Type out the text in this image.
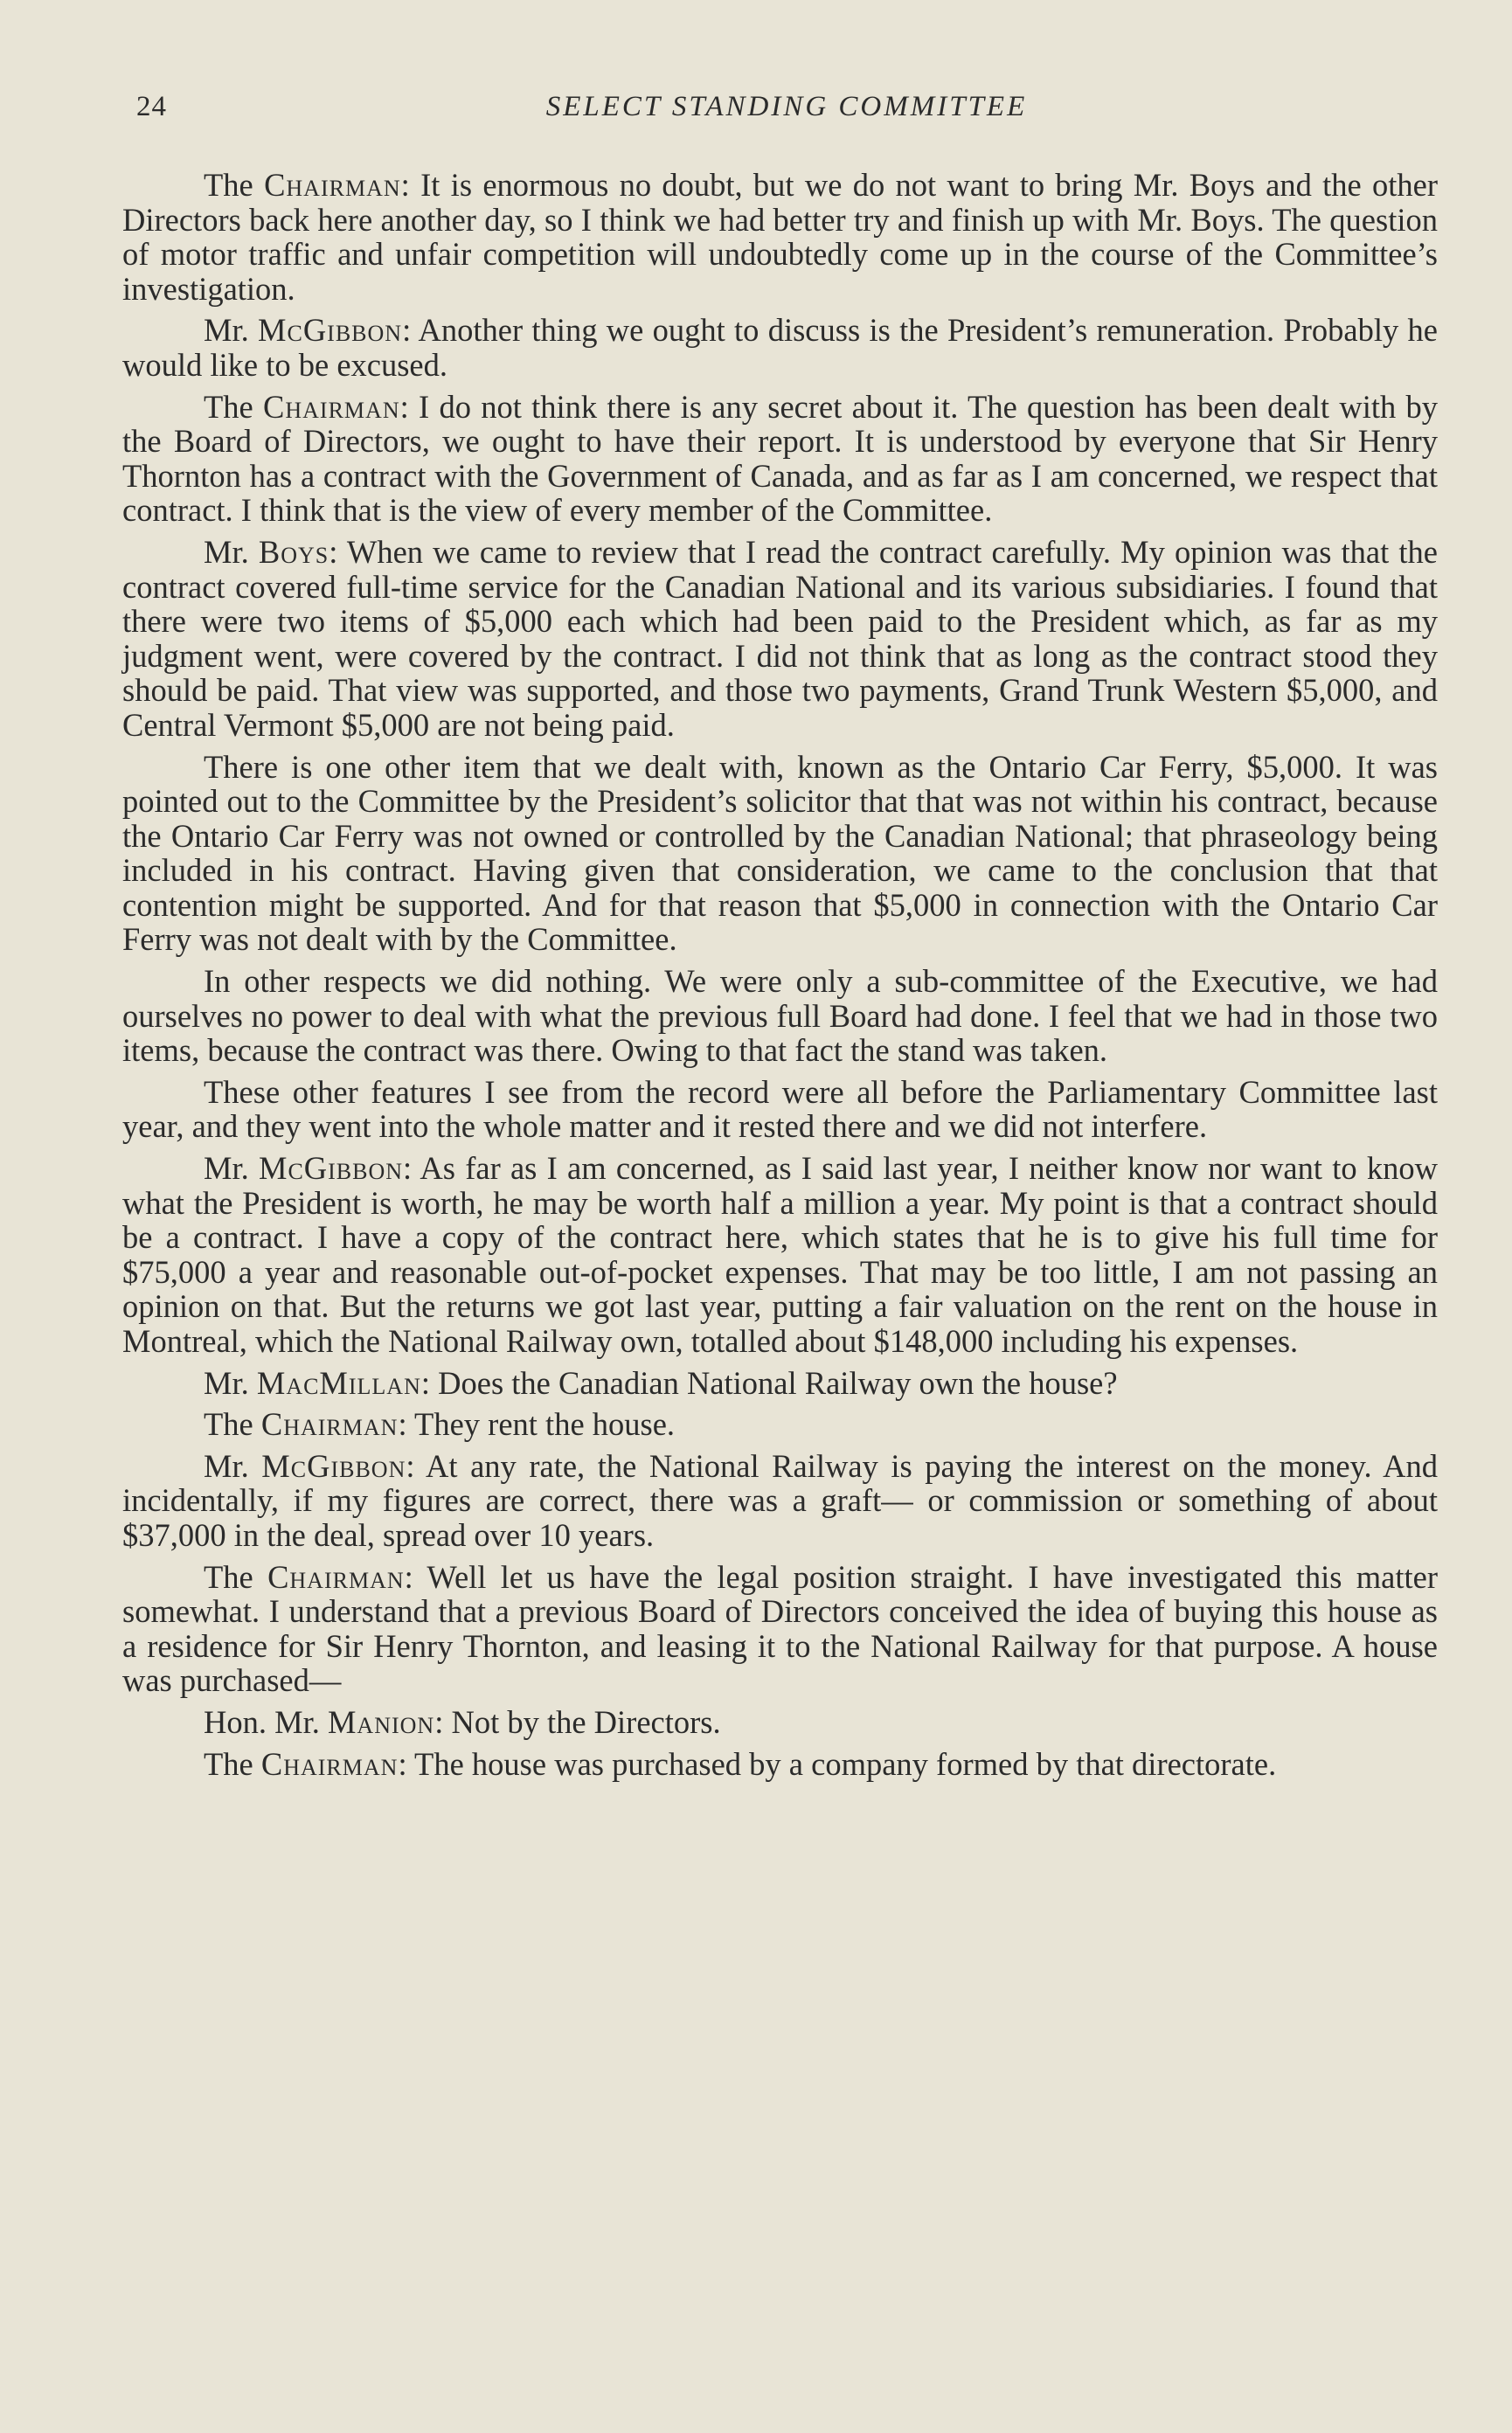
24	SELECT STANDING COMMITTEE

The Chairman: It is enormous no doubt, but we do not want to bring Mr. Boys and the other Directors back here another day, so I think we had better try and finish up with Mr. Boys. The question of motor traffic and unfair competition will undoubtedly come up in the course of the Committee’s investigation.

Mr. McGibbon: Another thing we ought to discuss is the President’s remuneration. Probably he would like to be excused.

The Chairman: I do not think there is any secret about it. The question has been dealt with by the Board of Directors, we ought to have their report. It is understood by everyone that Sir Henry Thornton has a contract with the Government of Canada, and as far as I am concerned, we respect that contract. I think that is the view of every member of the Committee.

Mr. Boys: When we came to review that I read the contract carefully. My opinion was that the contract covered full-time service for the Canadian National and its various subsidiaries. I found that there were two items of $5,000 each which had been paid to the President which, as far as my judgment went, were covered by the contract. I did not think that as long as the contract stood they should be paid. That view was supported, and those two payments, Grand Trunk Western $5,000, and Central Vermont $5,000 are not being paid.

There is one other item that we dealt with, known as the Ontario Car Ferry, $5,000. It was pointed out to the Committee by the President’s solicitor that that was not within his contract, because the Ontario Car Ferry was not owned or controlled by the Canadian National; that phraseology being included in his contract. Having given that consideration, we came to the conclusion that that contention might be supported. And for that reason that $5,000 in connection with the Ontario Car Ferry was not dealt with by the Committee.

In other respects we did nothing. We were only a sub-committee of the Executive, we had ourselves no power to deal with what the previous full Board had done. I feel that we had in those two items, because the contract was there. Owing to that fact the stand was taken.

These other features I see from the record were all before the Parliamentary Committee last year, and they went into the whole matter and it rested there and we did not interfere.

Mr. McGibbon: As far as I am concerned, as I said last year, I neither know nor want to know what the President is worth, he may be worth half a million a year. My point is that a contract should be a contract. I have a copy of the contract here, which states that he is to give his full time for $75,000 a year and reasonable out-of-pocket expenses. That may be too little, I am not passing an opinion on that. But the returns we got last year, putting a fair valuation on the rent on the house in Montreal, which the National Railway own, totalled about $148,000 including his expenses.

Mr. MacMillan: Does the Canadian National Railway own the house?

The Chairman: They rent the house.

Mr. McGibbon: At any rate, the National Railway is paying the interest on the money. And incidentally, if my figures are correct, there was a graft— or commission or something of about $37,000 in the deal, spread over 10 years.

The Chairman: Well let us have the legal position straight. I have investigated this matter somewhat. I understand that a previous Board of Directors conceived the idea of buying this house as a residence for Sir Henry Thornton, and leasing it to the National Railway for that purpose. A house was purchased—

Hon. Mr. Manion: Not by the Directors.

The Chairman: The house was purchased by a company formed by that directorate.
